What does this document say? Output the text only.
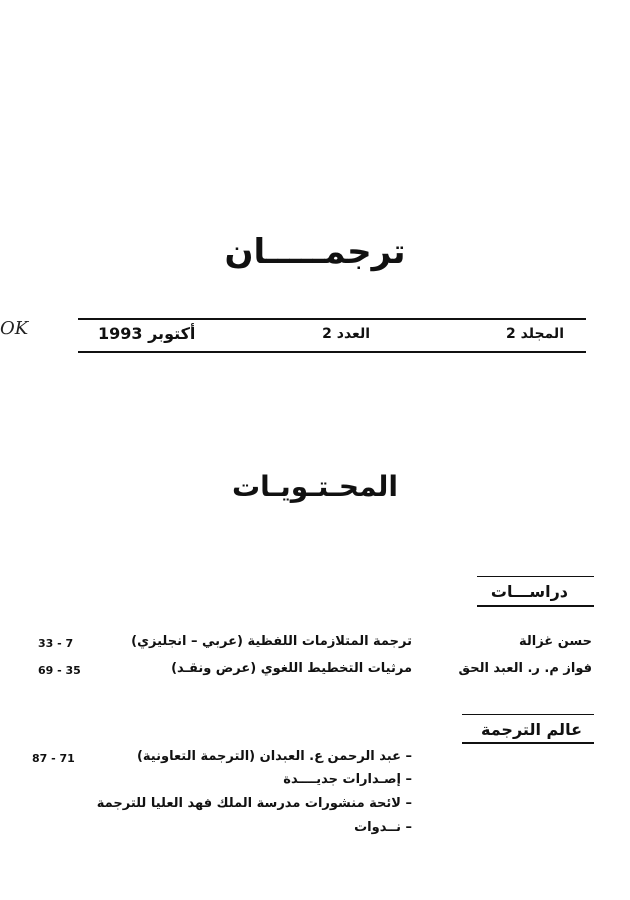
ترجمـــــان
OK	المجلد 2
العدد 2
أكتوبر 1993
المحـتـويـات
دراســـات
حسن غزالة
ترجمة المتلازمات اللفظية (عربي – انجليزي)
33 - 7
فواز م. ر. العبد الحق
مرثيات التخطيط اللغوي (عرض ونقـد)
69 - 35
عالم الترجمة
– عبد الرحمن ع. العبدان (الترجمة التعاونية)
87 - 71
– إصـدارات جديــــدة
– لائحة منشورات مدرسة الملك فهد العليا للترجمة
– نــدوات
